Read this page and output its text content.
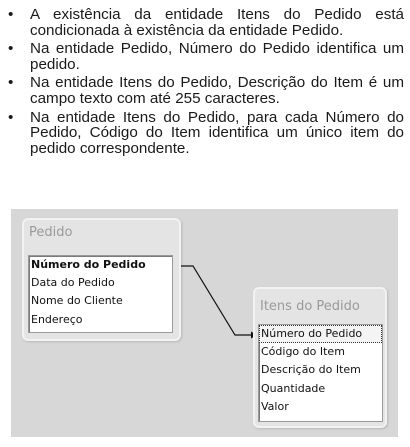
• A existência da entidade Itens do Pedido está condicionada à existência da entidade Pedido.
• Na entidade Pedido, Número do Pedido identifica um pedido.
• Na entidade Itens do Pedido, Descrição do Item é um campo texto com até 255 caracteres.
• Na entidade Itens do Pedido, para cada Número do Pedido, Código do Item identifica um único item do pedido correspondente.
Pedido
Número do Pedido
Data do Pedido
Nome do Cliente
Endereço
Itens do Pedido
Número do Pedido
Código do Item
Descrição do Item
Quantidade
Valor
